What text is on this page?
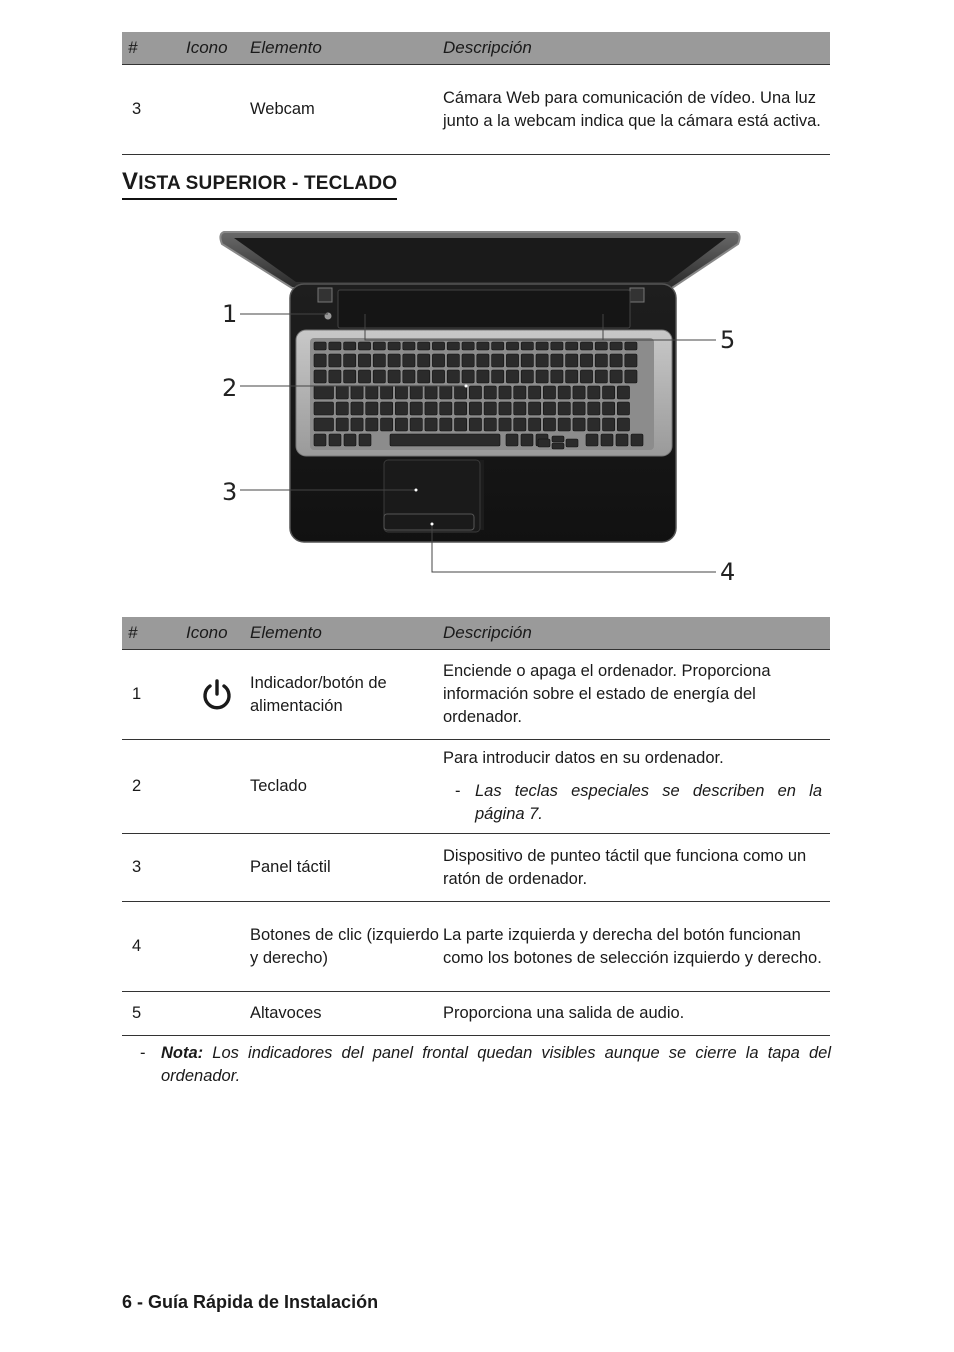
#	Icono	Elemento	Descripción
3		Webcam	Cámara Web para comunicación de vídeo. Una luz junto a la webcam indica que la cámara está activa.
VISTA SUPERIOR - TECLADO
1
2
3
4
5
#	Icono	Elemento	Descripción
1		Indicador/botón de alimentación	Enciende o apaga el ordenador. Proporciona información sobre el estado de energía del ordenador.
2		Teclado	Para introducir datos en su ordenador.
- Las teclas especiales se describen en la página 7.

3		Panel táctil	Dispositivo de punteo táctil que funciona como un ratón de ordenador.
4		Botones de clic (izquierdo y derecho)	La parte izquierda y derecha del botón funcionan como los botones de selección izquierdo y derecho.
5		Altavoces	Proporciona una salida de audio.
- Nota: Los indicadores del panel frontal quedan visibles aunque se cierre la tapa del ordenador.
6 - Guía Rápida de Instalación
